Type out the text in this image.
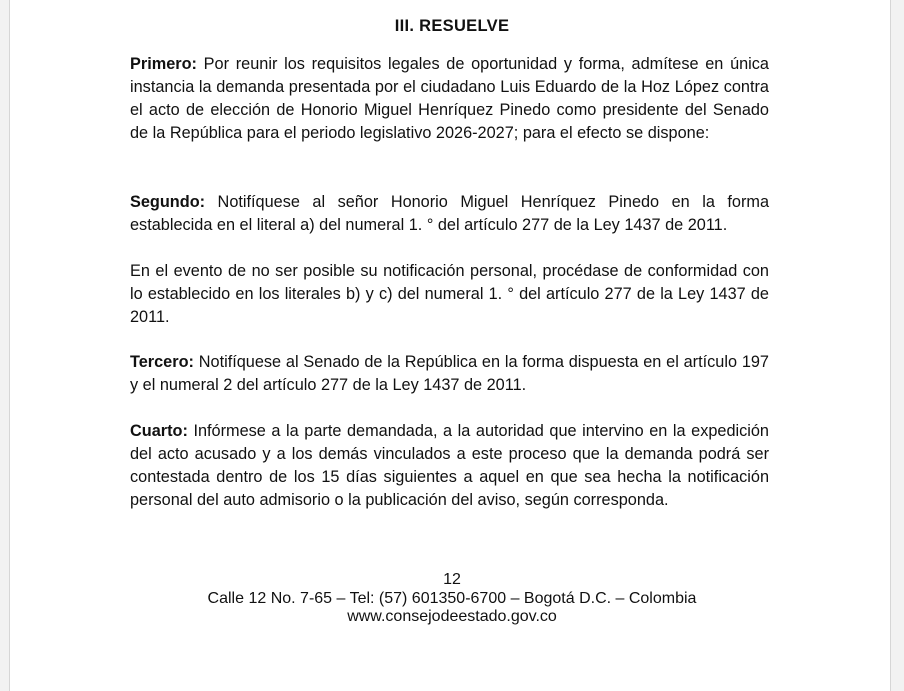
III. RESUELVE

Primero: Por reunir los requisitos legales de oportunidad y forma, admítese en única instancia la demanda presentada por el ciudadano Luis Eduardo de la Hoz López contra el acto de elección de Honorio Miguel Henríquez Pinedo como presidente del Senado de la República para el periodo legislativo 2026-2027; para el efecto se dispone:

Segundo: Notifíquese al señor Honorio Miguel Henríquez Pinedo en la forma establecida en el literal a) del numeral 1. ° del artículo 277 de la Ley 1437 de 2011.

En el evento de no ser posible su notificación personal, procédase de conformidad con lo establecido en los literales b) y c) del numeral 1. ° del artículo 277 de la Ley 1437 de 2011.

Tercero: Notifíquese al Senado de la República en la forma dispuesta en el artículo 197 y el numeral 2 del artículo 277 de la Ley 1437 de 2011.

Cuarto: Infórmese a la parte demandada, a la autoridad que intervino en la expedición del acto acusado y a los demás vinculados a este proceso que la demanda podrá ser contestada dentro de los 15 días siguientes a aquel en que sea hecha la notificación personal del auto admisorio o la publicación del aviso, según corresponda.

12
Calle 12 No. 7-65 – Tel: (57) 601350-6700 – Bogotá D.C. – Colombia
www.consejodeestado.gov.co
